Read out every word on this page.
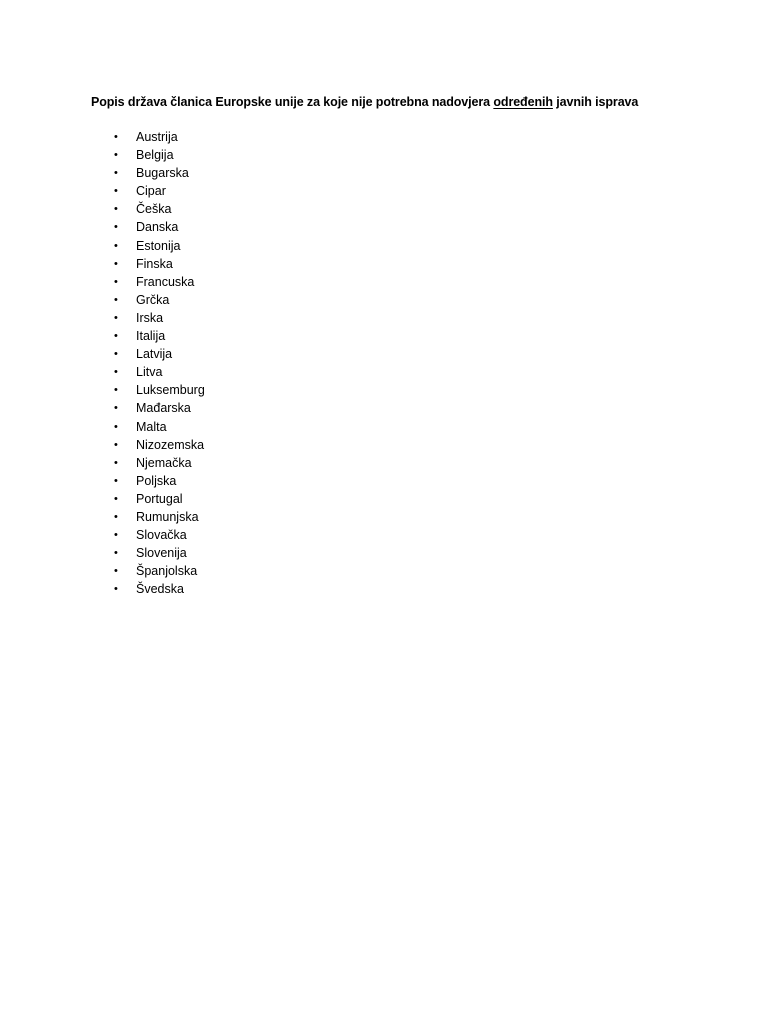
Popis država članica Europske unije za koje nije potrebna nadovjera određenih javnih isprava
• Austrija
• Belgija
• Bugarska
• Cipar
• Češka
• Danska
• Estonija
• Finska
• Francuska
• Grčka
• Irska
• Italija
• Latvija
• Litva
• Luksemburg
• Mađarska
• Malta
• Nizozemska
• Njemačka
• Poljska
• Portugal
• Rumunjska
• Slovačka
• Slovenija
• Španjolska
• Švedska
